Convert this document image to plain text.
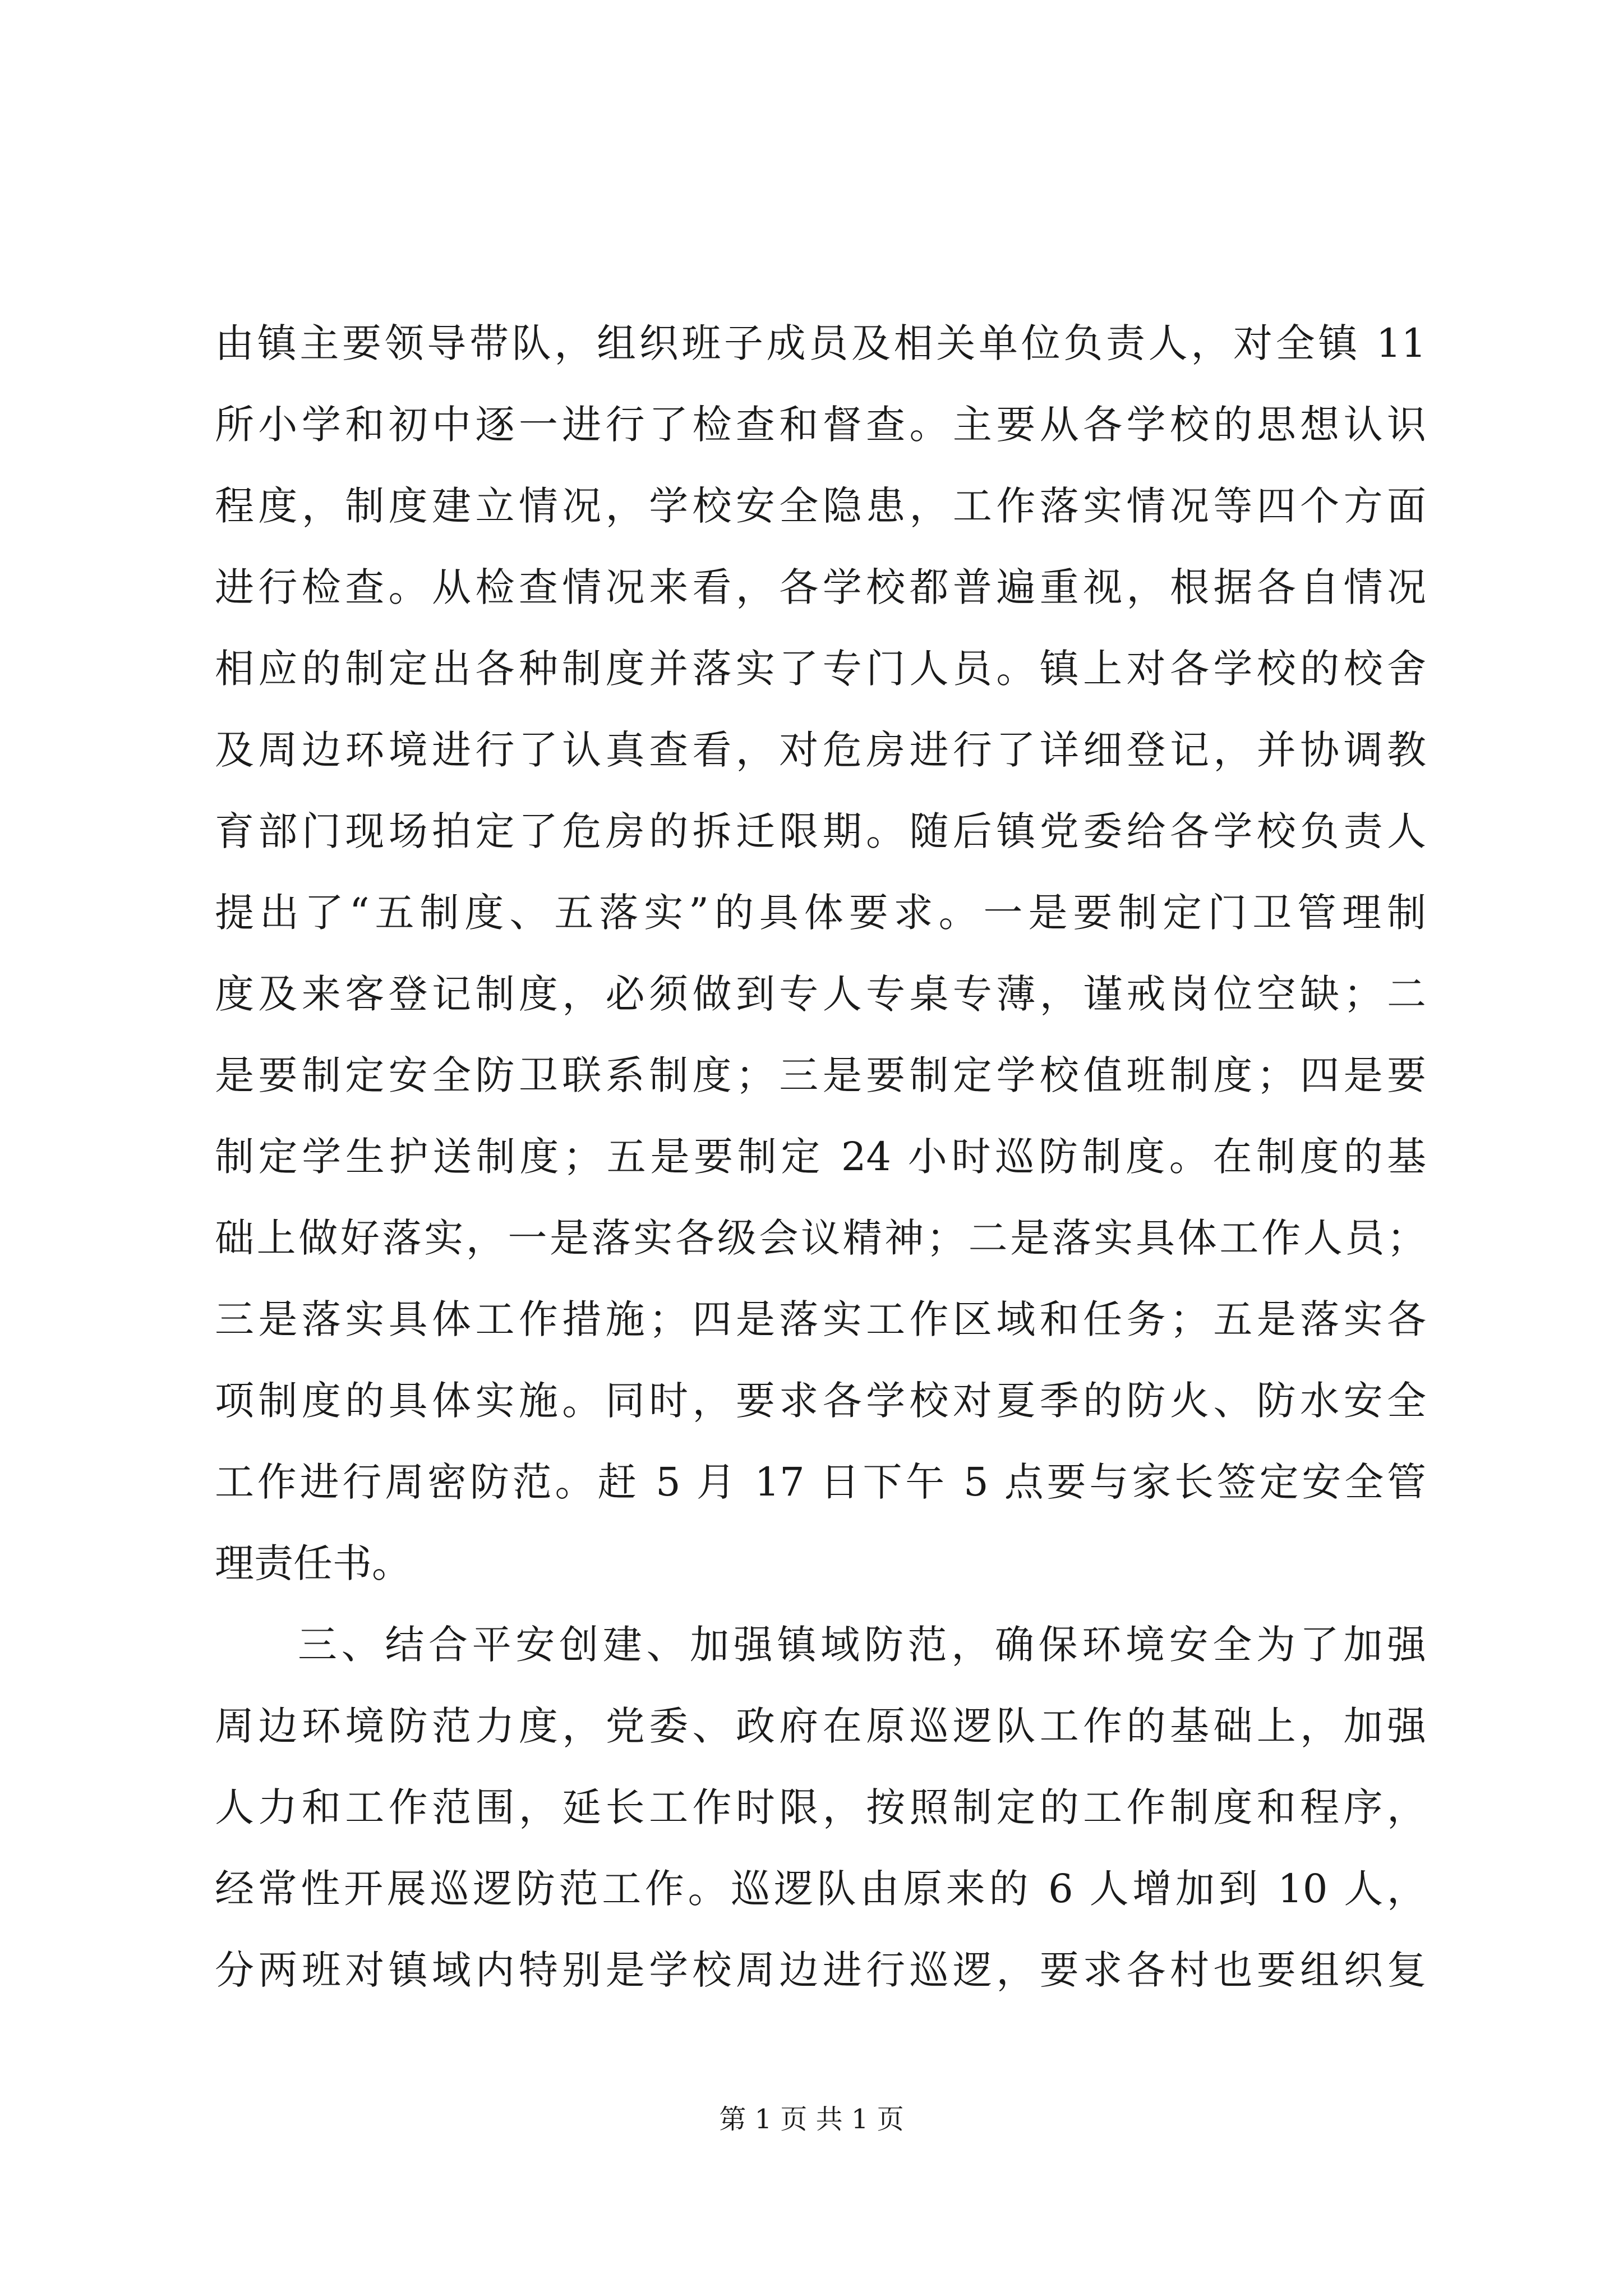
由镇主要领导带队，组织班子成员及相关单位负责人，对全镇 11
所小学和初中逐一进行了检查和督查。主要从各学校的思想认识
程度，制度建立情况，学校安全隐患，工作落实情况等四个方面
进行检查。从检查情况来看，各学校都普遍重视，根据各自情况
相应的制定出各种制度并落实了专门人员。镇上对各学校的校舍
及周边环境进行了认真查看，对危房进行了详细登记，并协调教
育部门现场拍定了危房的拆迁限期。随后镇党委给各学校负责人
提出了“五制度、五落实”的具体要求。一是要制定门卫管理制
度及来客登记制度，必须做到专人专桌专薄，谨戒岗位空缺；二
是要制定安全防卫联系制度；三是要制定学校值班制度；四是要
制定学生护送制度；五是要制定 24 小时巡防制度。在制度的基
础上做好落实，一是落实各级会议精神；二是落实具体工作人员；
三是落实具体工作措施；四是落实工作区域和任务；五是落实各
项制度的具体实施。同时，要求各学校对夏季的防火、防水安全
工作进行周密防范。赶 5 月 17 日下午 5 点要与家长签定安全管
理责任书。
三、结合平安创建、加强镇域防范，确保环境安全为了加强
周边环境防范力度，党委、政府在原巡逻队工作的基础上，加强
人力和工作范围，延长工作时限，按照制定的工作制度和程序，
经常性开展巡逻防范工作。巡逻队由原来的 6 人增加到 10 人，
分两班对镇域内特别是学校周边进行巡逻，要求各村也要组织复
第 1 页 共 1 页
